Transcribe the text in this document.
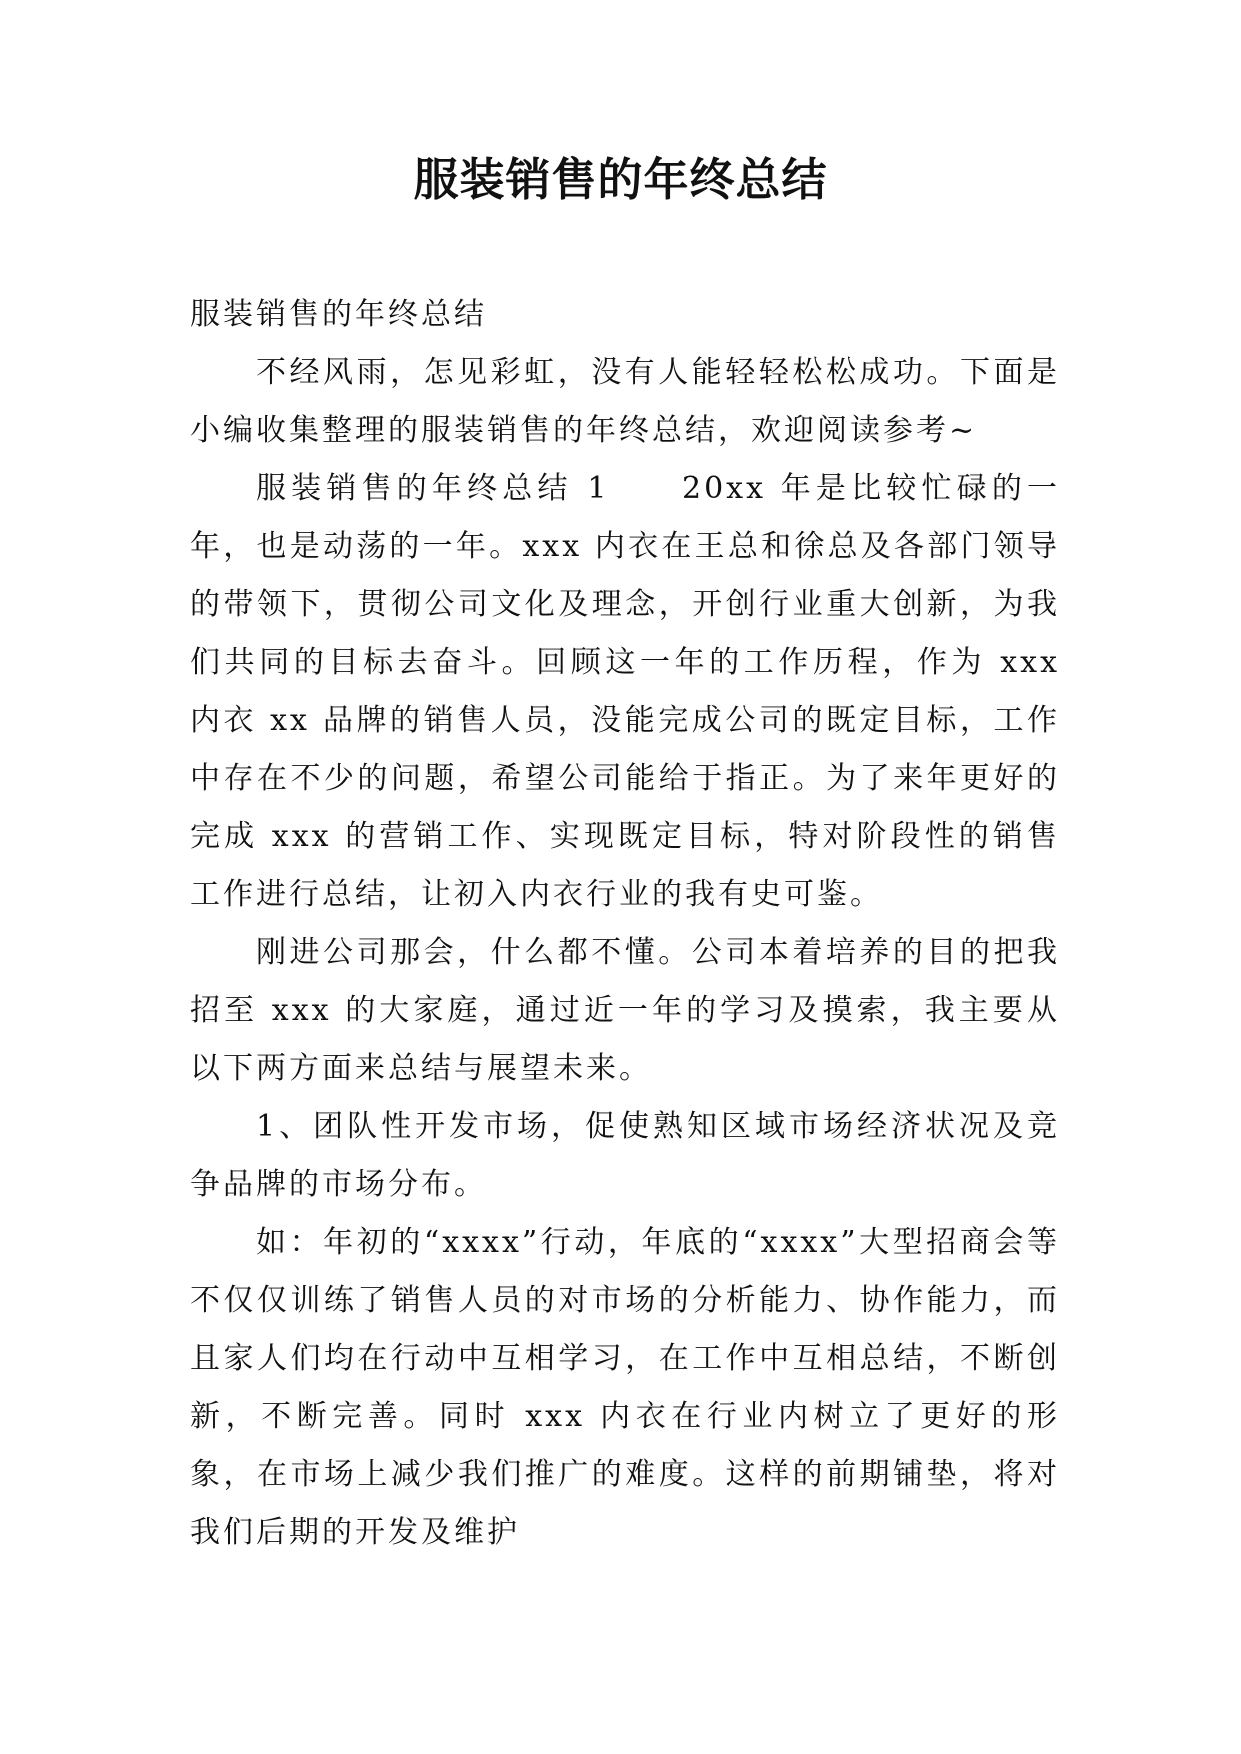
服装销售的年终总结

服装销售的年终总结

不经风雨，怎见彩虹，没有人能轻轻松松成功。下面是小编收集整理的服装销售的年终总结，欢迎阅读参考~

服装销售的年终总结 1　　20xx 年是比较忙碌的一年，也是动荡的一年。xxx 内衣在王总和徐总及各部门领导的带领下，贯彻公司文化及理念，开创行业重大创新，为我们共同的目标去奋斗。回顾这一年的工作历程，作为 xxx 内衣 xx 品牌的销售人员，没能完成公司的既定目标，工作中存在不少的问题，希望公司能给于指正。为了来年更好的完成 xxx 的营销工作、实现既定目标，特对阶段性的销售工作进行总结，让初入内衣行业的我有史可鉴。

刚进公司那会，什么都不懂。公司本着培养的目的把我招至 xxx 的大家庭，通过近一年的学习及摸索，我主要从以下两方面来总结与展望未来。

1、团队性开发市场，促使熟知区域市场经济状况及竞争品牌的市场分布。

如：年初的“xxxx”行动，年底的“xxxx”大型招商会等不仅仅训练了销售人员的对市场的分析能力、协作能力，而且家人们均在行动中互相学习，在工作中互相总结，不断创新，不断完善。同时 xxx 内衣在行业内树立了更好的形象，在市场上减少我们推广的难度。这样的前期铺垫，将对我们后期的开发及维护
